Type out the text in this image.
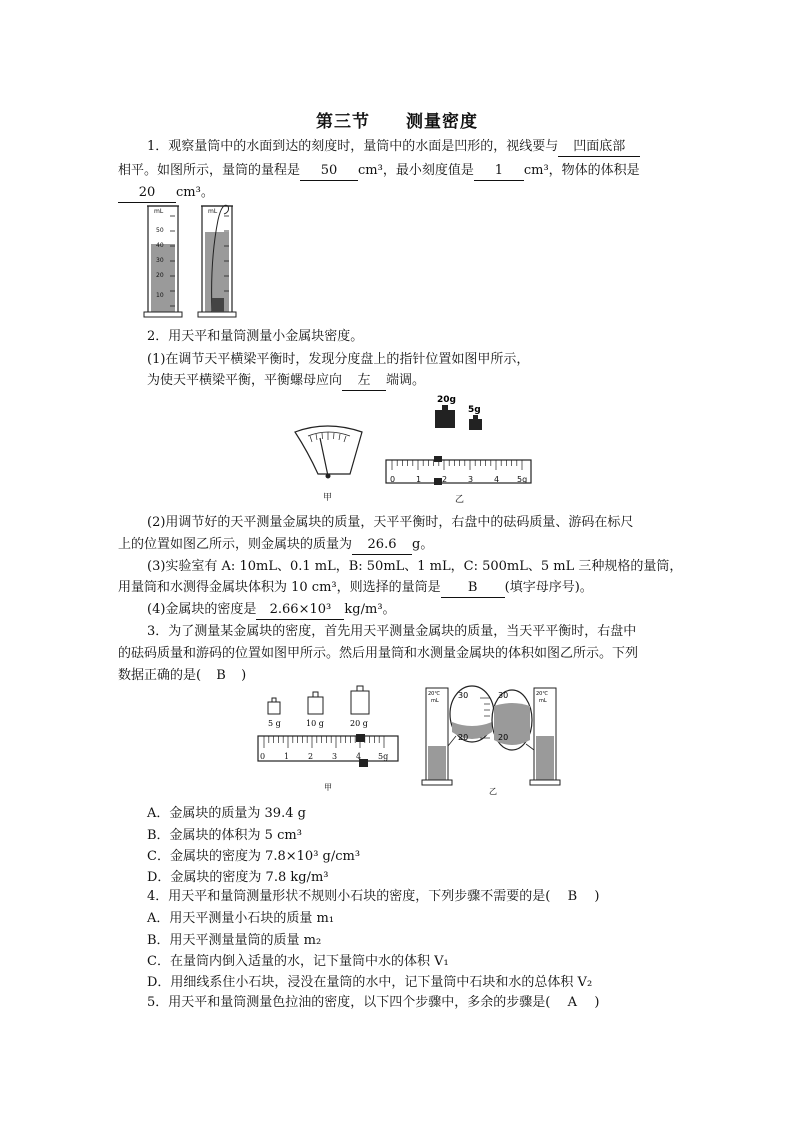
第三节　　测量密度
1．观察量筒中的水面到达的刻度时，量筒中的水面是凹形的，视线要与 凹面底部
相平。如图所示，量筒的量程是 50 cm³，最小刻度值是 1 cm³，物体的体积是
20 cm³。
mL
50
40
30
20
10
mL
2．用天平和量筒测量小金属块密度。
(1)在调节天平横梁平衡时，发现分度盘上的指针位置如图甲所示，
为使天平横梁平衡，平衡螺母应向 左 端调。
甲
20g
5g
0	1	2	3	4 5g
乙
(2)用调节好的天平测量金属块的质量，天平平衡时，右盘中的砝码质量、游码在标尺
上的位置如图乙所示，则金属块的质量为 26.6 g。
(3)实验室有 A: 10mL、0.1 mL，B: 50mL、1 mL，C: 500mL、5 mL 三种规格的量筒，
用量筒和水测得金属块体积为 10 cm³，则选择的量筒是 B (填字母序号)。
(4)金属块的密度是 2.66×10³ kg/m³。
3．为了测量某金属块的密度，首先用天平测量金属块的质量，当天平平衡时，右盘中
的砝码质量和游码的位置如图甲所示。然后用量筒和水测量金属块的体积如图乙所示。下列
数据正确的是( B )
5 g	10 g	20 g
0 1 2 3 4 5g
甲
20℃
mL
30
20
30
20
20℃
mL
乙
A．金属块的质量为 39.4 g
B．金属块的体积为 5 cm³
C．金属块的密度为 7.8×10³ g/cm³
D．金属块的密度为 7.8 kg/m³
4．用天平和量筒测量形状不规则小石块的密度，下列步骤不需要的是( B )
A．用天平测量小石块的质量 m₁
B．用天平测量量筒的质量 m₂
C．在量筒内倒入适量的水，记下量筒中水的体积 V₁
D．用细线系住小石块，浸没在量筒的水中，记下量筒中石块和水的总体积 V₂
5．用天平和量筒测量色拉油的密度，以下四个步骤中，多余的步骤是( A )
